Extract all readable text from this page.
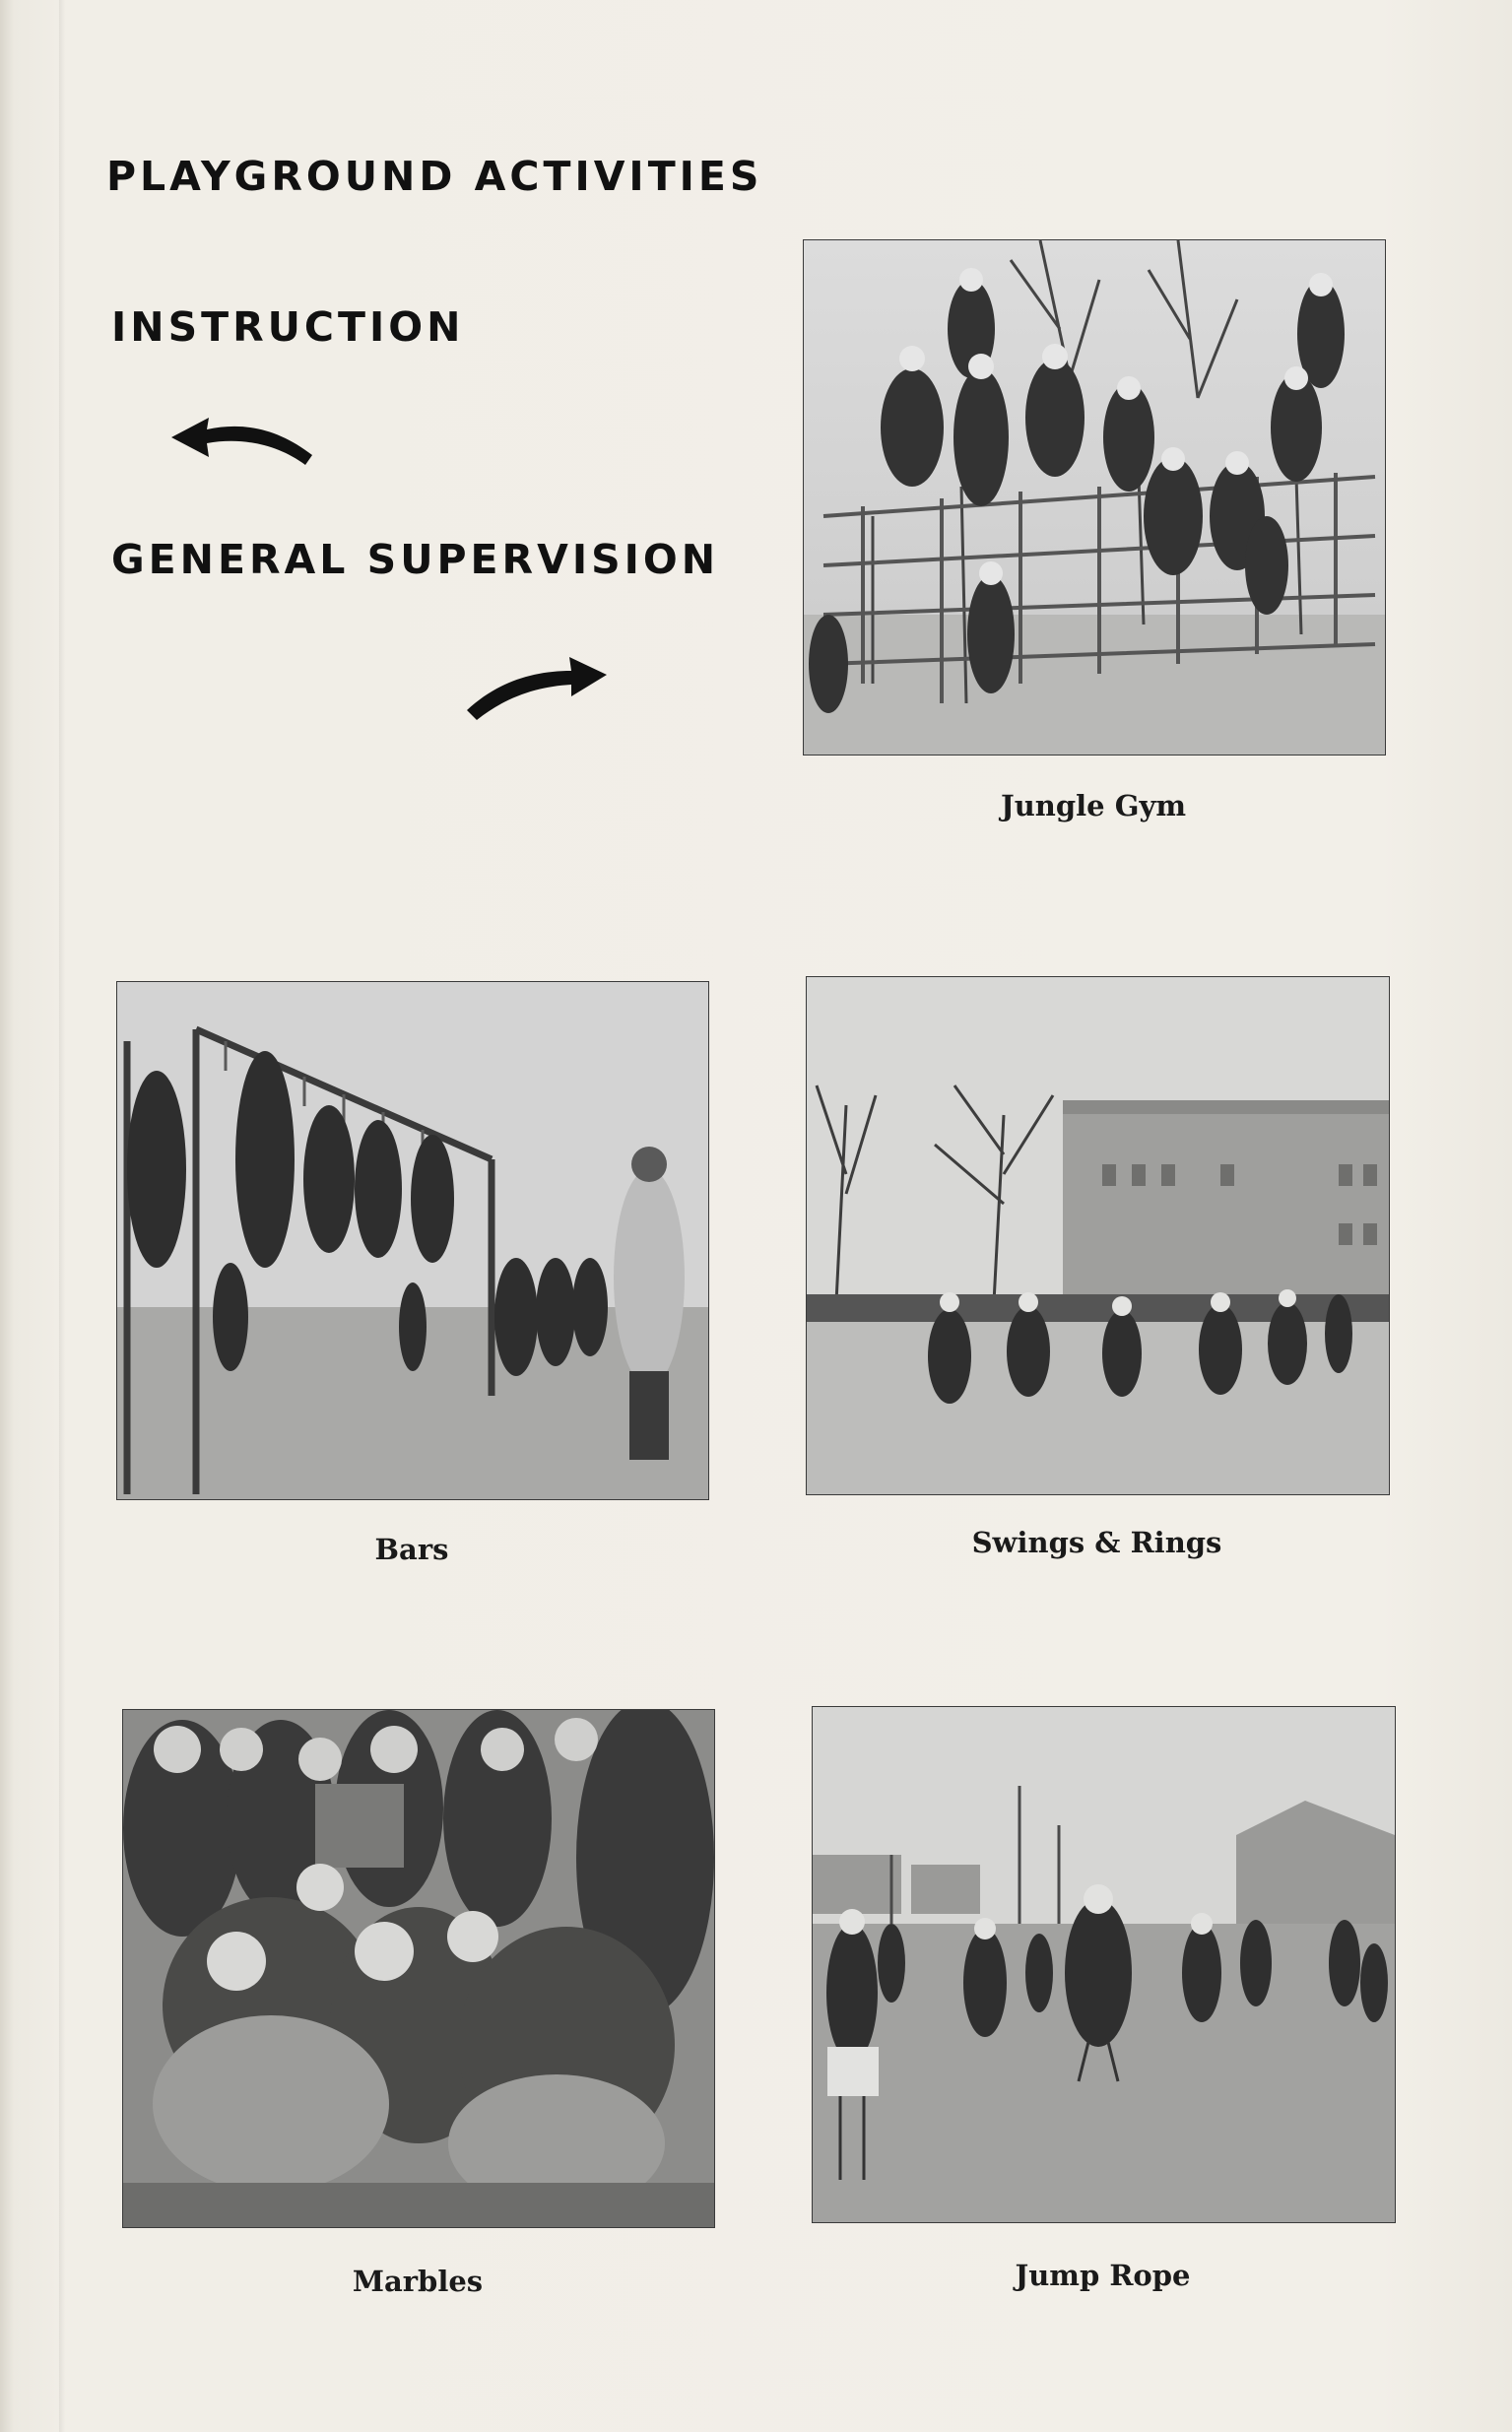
PLAYGROUND ACTIVITIES
INSTRUCTION
GENERAL SUPERVISION
Jungle Gym
Bars	Swings & Rings
Marbles	Jump Rope
